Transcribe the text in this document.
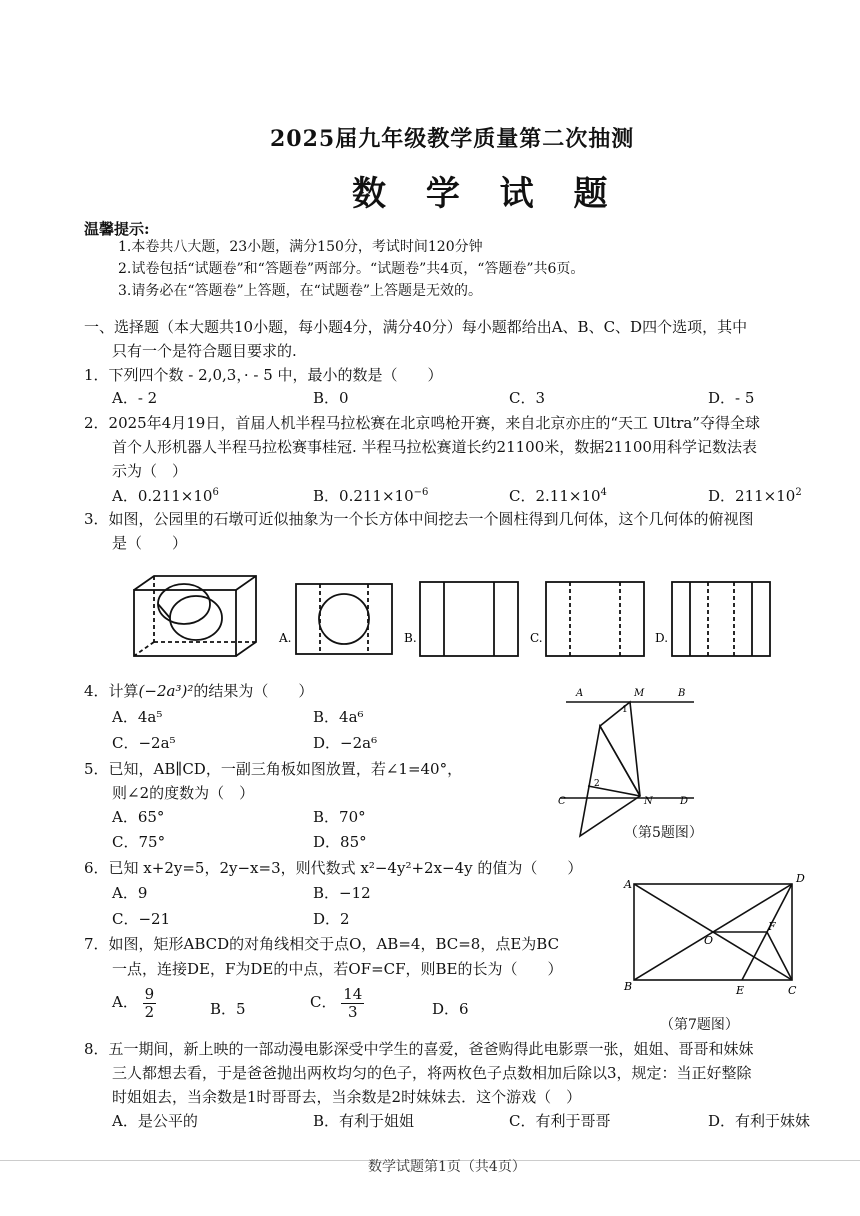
2025届九年级教学质量第二次抽测
数 学 试 题
温馨提示:
1.本卷共八大题，23小题，满分150分，考试时间120分钟
2.试卷包括“试题卷”和“答题卷”两部分。“试题卷”共4页，“答题卷”共6页。
3.请务必在“答题卷”上答题，在“试题卷”上答题是无效的。
一、选择题（本大题共10小题，每小题4分，满分40分）每小题都给出A、B、C、D四个选项，其中
只有一个是符合题目要求的.
1．下列四个数 - 2,0,3，· - 5 中，最小的数是（　　）
A．- 2	B．0	C．3	D．- 5
2．2025年4月19日，首届人机半程马拉松赛在北京鸣枪开赛，来自北京亦庄的“天工 Ultra”夺得全球
首个人形机器人半程马拉松赛事桂冠. 半程马拉松赛道长约21100米，数据21100用科学记数法表
示为（　）
A．$0.211\times 10^6$	B．$0.211\times 10^{-6}$	C．$2.11\times 10^4$	D．$211\times 10^2$
3．如图，公园里的石墩可近似抽象为一个长方体中间挖去一个圆柱得到几何体，这个几何体的俯视图
是（　　）
A.	B.	C.	D.
4．计算(−2a³)²的结果为（　　）
A．4a⁵	B．4a⁶
C．−2a⁵	D．−2a⁶
5．已知，AB∥CD，一副三角板如图放置，若∠1=40°，
则∠2的度数为（　）
A．65°	B．70°
C．75°	D．85°
A	M	B
C	N	D
1
2
（第5题图）
6．已知 x+2y=5，2y−x=3，则代数式 x²−4y²+2x−4y 的值为（　　）
A．9	B．−12
C．−21	D．2
A	D
O
F
B	E	C
7．如图，矩形ABCD的对角线相交于点O，AB=4，BC=8，点E为BC
一点，连接DE，F为DE的中点，若OF=CF，则BE的长为（　　）
A． $\frac{9}{2}$	B．5	C． $\frac{14}{3}$	D．6
（第7题图）
8．五一期间，新上映的一部动漫电影深受中学生的喜爱，爸爸购得此电影票一张，姐姐、哥哥和妹妹
三人都想去看，于是爸爸抛出两枚均匀的色子，将两枚色子点数相加后除以3，规定：当正好整除
时姐姐去，当余数是1时哥哥去，当余数是2时妹妹去．这个游戏（　）
A．是公平的	B．有利于姐姐	C．有利于哥哥	D．有利于妹妹
数学试题第1页（共4页）
